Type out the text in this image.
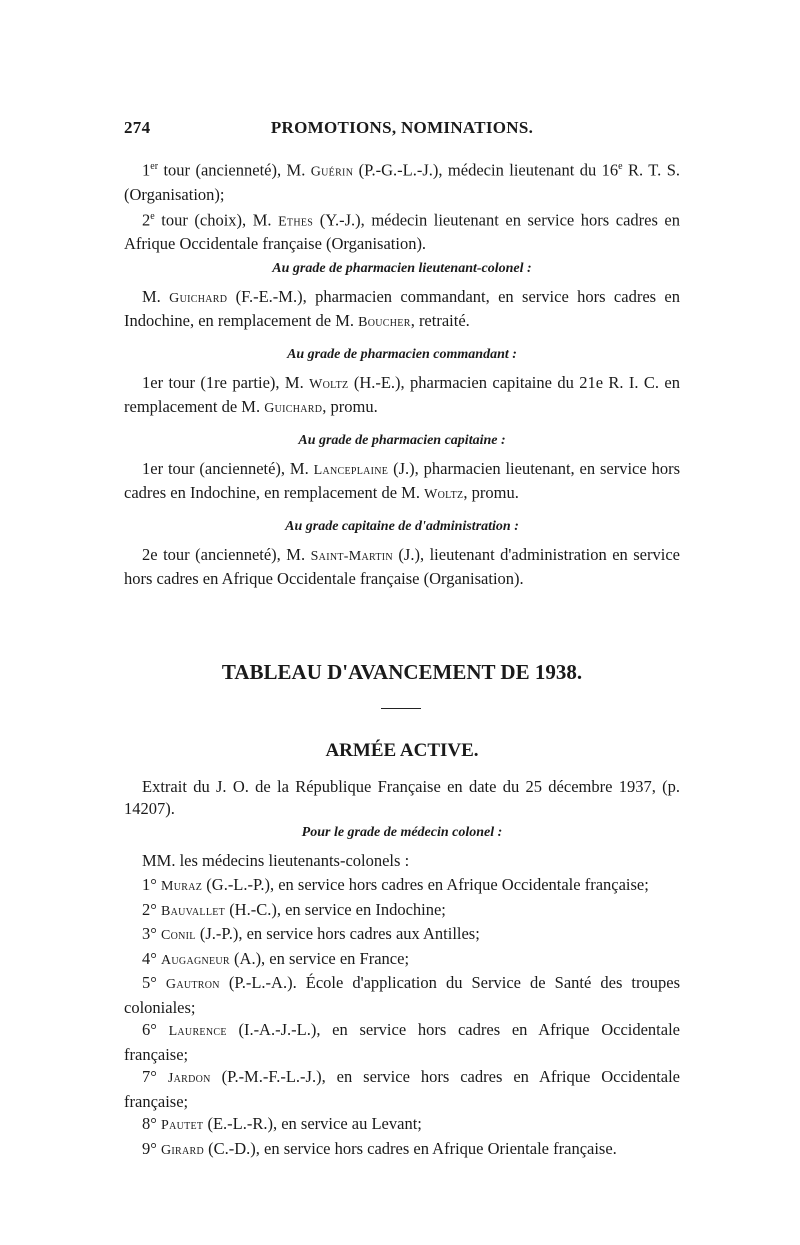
274	PROMOTIONS, NOMINATIONS.

1er tour (ancienneté), M. Guérin (P.-G.-L.-J.), médecin lieutenant du 16e R. T. S. (Organisation);

2e tour (choix), M. Ethes (Y.-J.), médecin lieutenant en service hors cadres en Afrique Occidentale française (Organisation).

Au grade de pharmacien lieutenant-colonel :

M. Guichard (F.-E.-M.), pharmacien commandant, en service hors cadres en Indochine, en remplacement de M. Boucher, retraité.

Au grade de pharmacien commandant :

1er tour (1re partie), M. Woltz (H.-E.), pharmacien capitaine du 21e R. I. C. en remplacement de M. Guichard, promu.

Au grade de pharmacien capitaine :

1er tour (ancienneté), M. Lanceplaine (J.), pharmacien lieutenant, en service hors cadres en Indochine, en remplacement de M. Woltz, promu.

Au grade capitaine de d'administration :

2e tour (ancienneté), M. Saint-Martin (J.), lieutenant d'administration en service hors cadres en Afrique Occidentale française (Organisation).

TABLEAU D'AVANCEMENT DE 1938.
ARMÉE ACTIVE.

Extrait du J. O. de la République Française en date du 25 décembre 1937, (p. 14207).

Pour le grade de médecin colonel :

MM. les médecins lieutenants-colonels :

1° Muraz (G.-L.-P.), en service hors cadres en Afrique Occidentale française;

2° Bauvallet (H.-C.), en service en Indochine;

3° Conil (J.-P.), en service hors cadres aux Antilles;

4° Augagneur (A.), en service en France;

5° Gautron (P.-L.-A.). École d'application du Service de Santé des troupes coloniales;

6° Laurence (I.-A.-J.-L.), en service hors cadres en Afrique Occidentale française;

7° Jardon (P.-M.-F.-L.-J.), en service hors cadres en Afrique Occidentale française;

8° Pautet (E.-L.-R.), en service au Levant;

9° Girard (C.-D.), en service hors cadres en Afrique Orientale française.
